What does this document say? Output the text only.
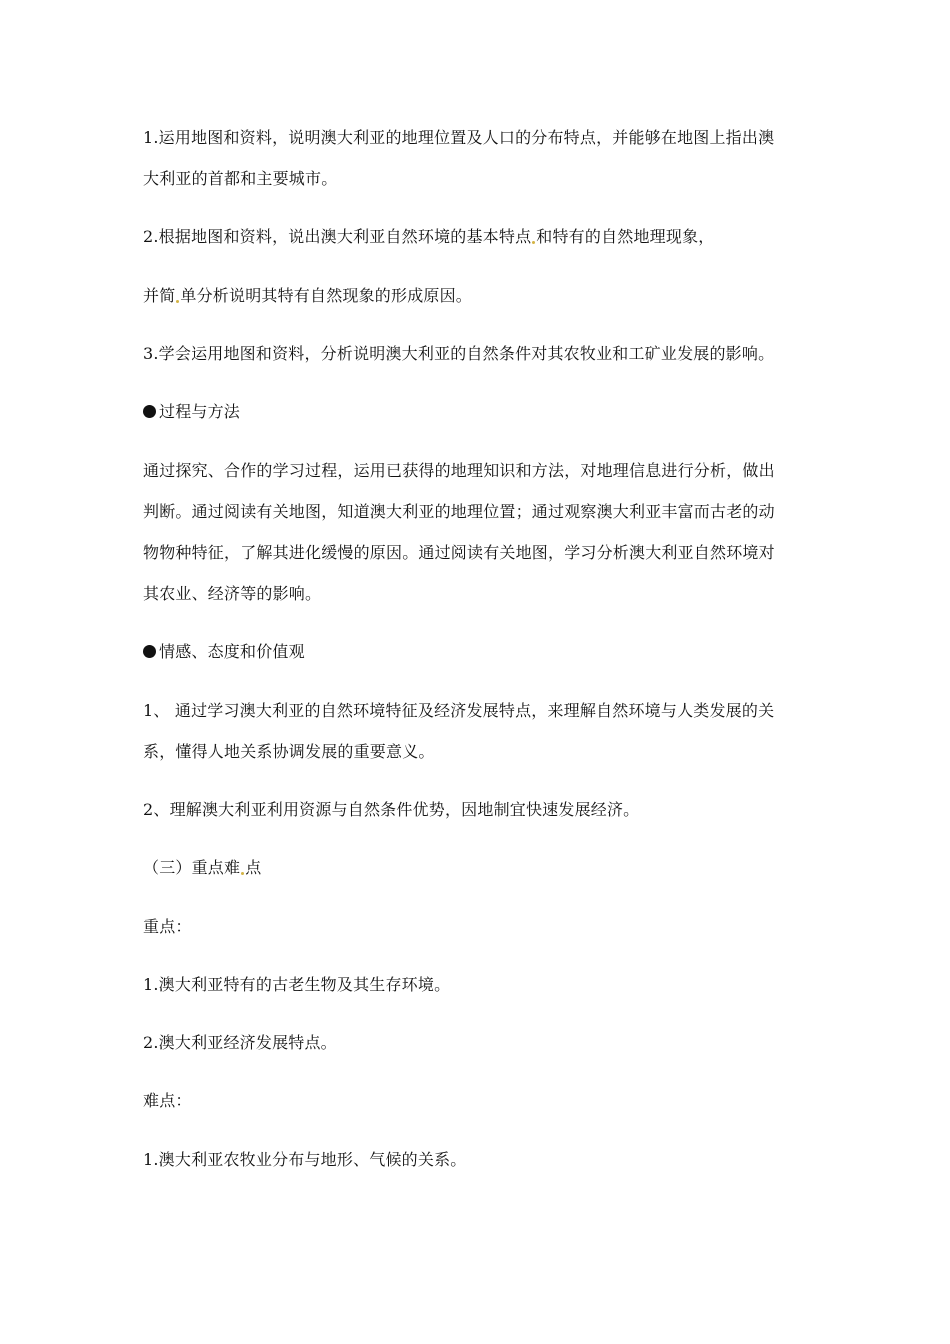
1.运用地图和资料，说明澳大利亚的地理位置及人口的分布特点，并能够在地图上指出澳
大利亚的首都和主要城市。
2.根据地图和资料，说出澳大利亚自然环境的基本特点 和特有的自然地理现象，
并简 单分析说明其特有自然现象的形成原因。
3.学会运用地图和资料，分析说明澳大利亚的自然条件对其农牧业和工矿业发展的影响。
过程与方法
通过探究、合作的学习过程，运用已获得的地理知识和方法，对地理信息进行分析，做出
判断。通过阅读有关地图，知道澳大利亚的地理位置；通过观察澳大利亚丰富而古老的动
物物种特征，了解其进化缓慢的原因。通过阅读有关地图，学习分析澳大利亚自然环境对
其农业、经济等的影响。
情感、态度和价值观
1、 通过学习澳大利亚的自然环境特征及经济发展特点，来理解自然环境与人类发展的关
系，懂得人地关系协调发展的重要意义。
2、理解澳大利亚利用资源与自然条件优势，因地制宜快速发展经济。
（三）重点难 点
重点：
1.澳大利亚特有的古老生物及其生存环境。
2.澳大利亚经济发展特点。
难点：
1.澳大利亚农牧业分布与地形、气候的关系。
